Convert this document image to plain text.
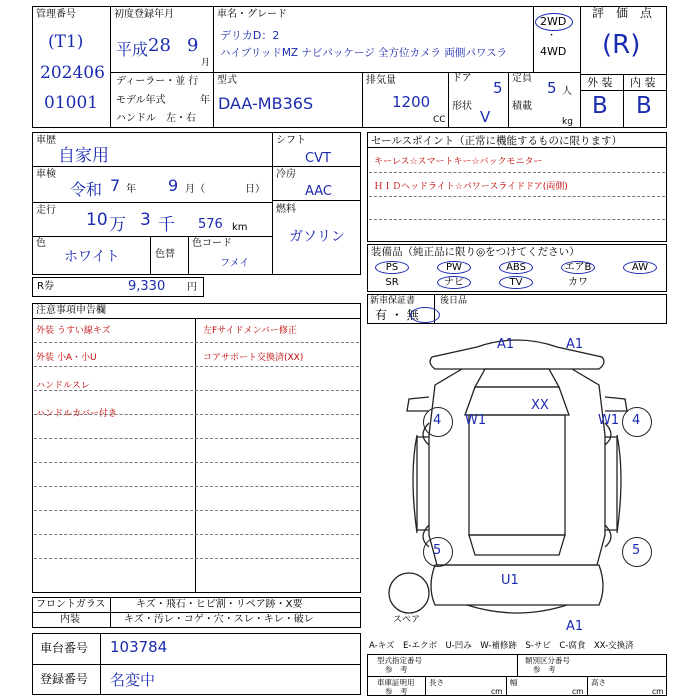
管理番号
(T1)
202406
01001
初度登録年月
平成 28 9
月
ディーラー・並 行
モデル年式	年
ハンドル　左・右
車名・グレード
デリカD：2
ハイブリッドMZ ナビパッケージ 全方位カメラ 両側パワスラ
2WD
・
4WD
評　価　点
(R)
外 装 内 装
B B
型式
DAA-MB36S
排気量
1200
CC
ドア
5
形状
V
定員
5 人
積載
kg
車歴
自家用
車検
令和 7 年 9 月（	日）
走行 10 万 3 千 576 km
色
ホワイト	色替
色コード
フメイ
シフト
CVT
冷房
AAC
燃料
ガソリン
R券	9,330 円
セールスポイント（正常に機能するものに限ります）
キーレス☆スマートキー☆バックモニター
ＨＩＤヘッドライト☆パワースライドドア(両側)
装備品（純正品に限り◎をつけてください）
PS	PW	ABS	エアB	AW
SR	ナビ	TV	カワ
新車保証書
有 ・ 無
後日品
注意事項申告欄
外装 うすい線キズ
外装 小A・小U
ハンドルスレ
ハンドルカバー付き
左Fサイドメンバー修正
コアサポート交換済(XX)
フロントガラス	キズ・飛石・ヒビ割・リペア跡・X要
内装	キズ・汚レ・コゲ・穴・スレ・キレ・破レ
車台番号 103784
登録番号 名変中
A-キズ　E-エクボ　U-凹み　W-補修跡　S-サビ　C-腐食　XX-交換済
型式指定番号
参　考
類別区分番号
参　考
車庫証明用
参　考
長さ
cm
幅
cm
高さ
cm
A1	A1
XX
4 W1	W1 4
5	5
U1
A1
スペア
